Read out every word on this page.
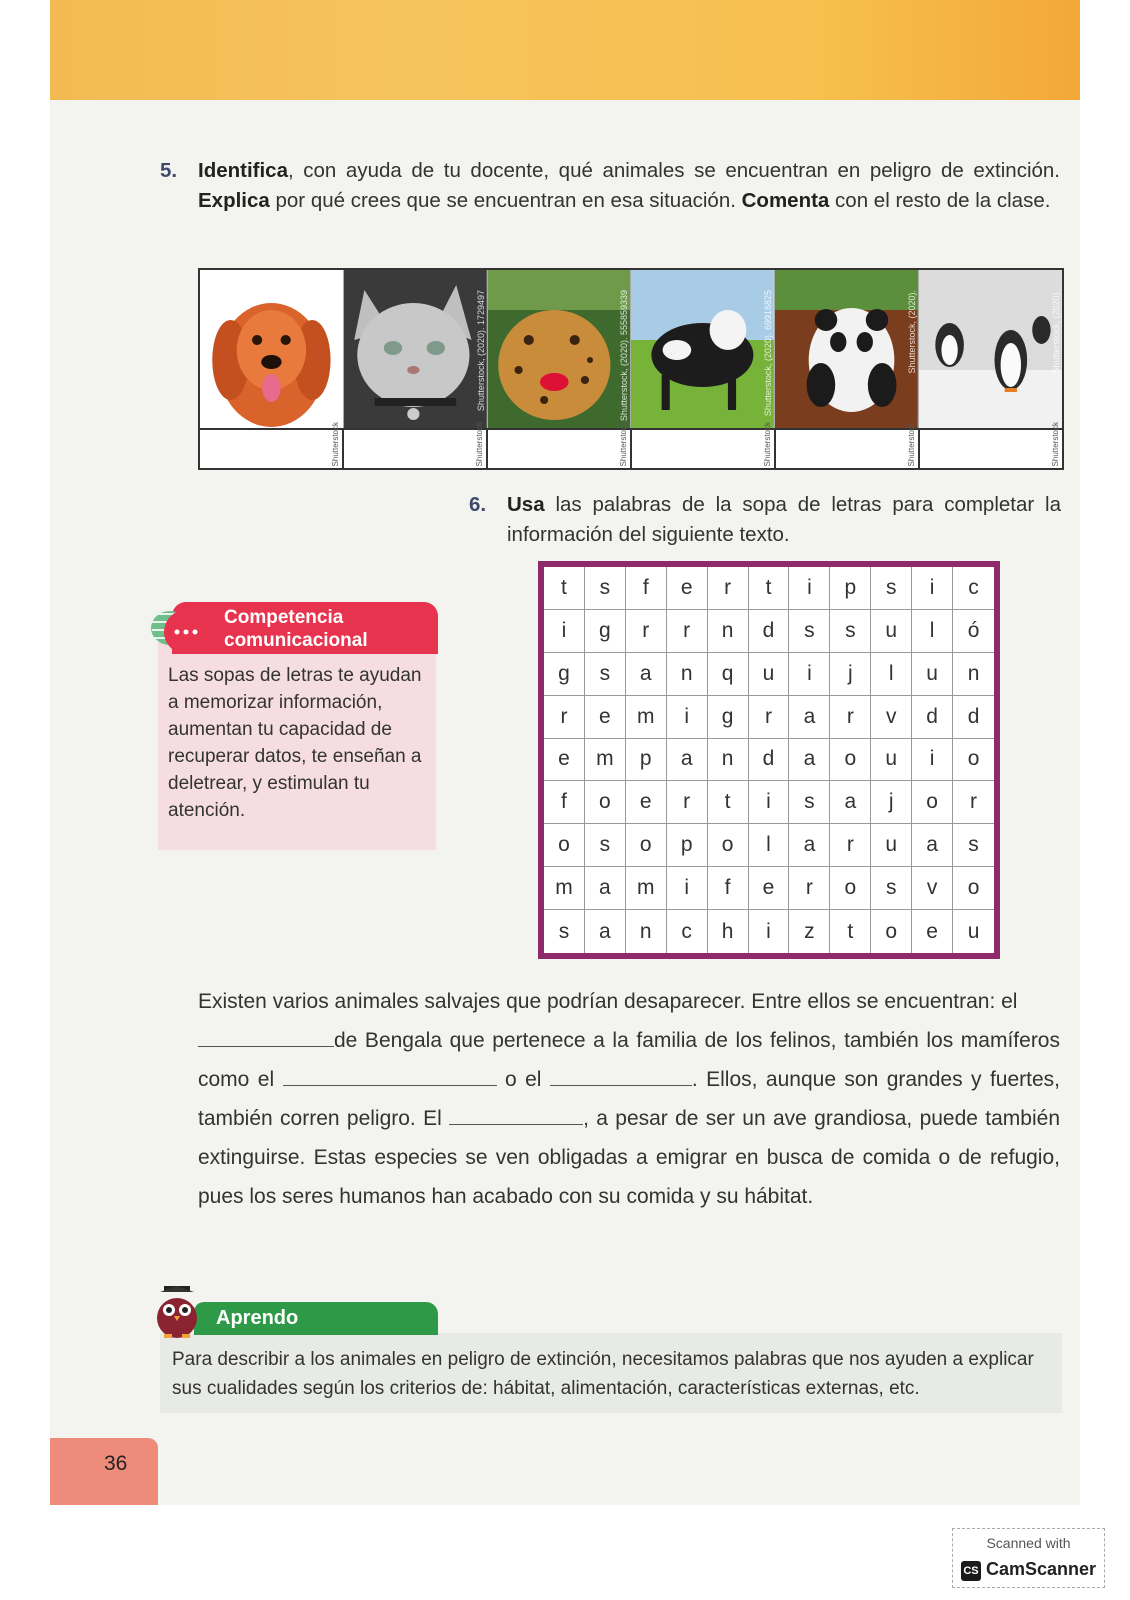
5. Identifica, con ayuda de tu docente, qué animales se encuentran en peligro de extinción. Explica por qué crees que se encuentran en esa situación. Comenta con el resto de la clase.
Shutterstock, (2020). 96000071	Shutterstock, (2020). 1729497	Shutterstock, (2020). 555859339	Shutterstock, (2020). 69916825	Shutterstock, (2020).	Shutterstock, (2020).
Shutterstock	Shutterstock	Shutterstock	Shutterstock	Shutterstock	Shutterstock
6. Usa las palabras de la sopa de letras para completar la información del siguiente texto.
Competencia
comunicacional
Las sopas de letras te ayudan a memorizar información, aumentan tu capacidad de recuperar datos, te enseñan a deletrear, y estimulan tu atención.
t	s	f	e	r	t	i	p	s	i	c
i	g	r	r	n	d	s	s	u	l	ó
g	s	a	n	q	u	i	j	l	u	n
r	e	m	i	g	r	a	r	v	d	d
e	m	p	a	n	d	a	o	u	i	o
f	o	e	r	t	i	s	a	j	o	r
o	s	o	p	o	l	a	r	u	a	s
m	a	m	i	f	e	r	o	s	v	o
s	a	n	c	h	i	z	t	o	e	u
Existen varios animales salvajes que podrían desaparecer. Entre ellos se encuentran: el
de Bengala que pertenece a la familia de los felinos, también los mamíferos como el	o el	. Ellos, aunque son grandes y fuertes, también corren peligro. El	, a pesar de ser un ave grandiosa, puede también extinguirse. Estas especies se ven obligadas a emigrar en busca de comida o de refugio, pues los seres humanos han acabado con su comida y su hábitat.
Aprendo
Para describir a los animales en peligro de extinción, necesitamos palabras que nos ayuden a explicar sus cualidades según los criterios de: hábitat, alimentación, características externas, etc.
36
Scanned with
CS CamScanner
